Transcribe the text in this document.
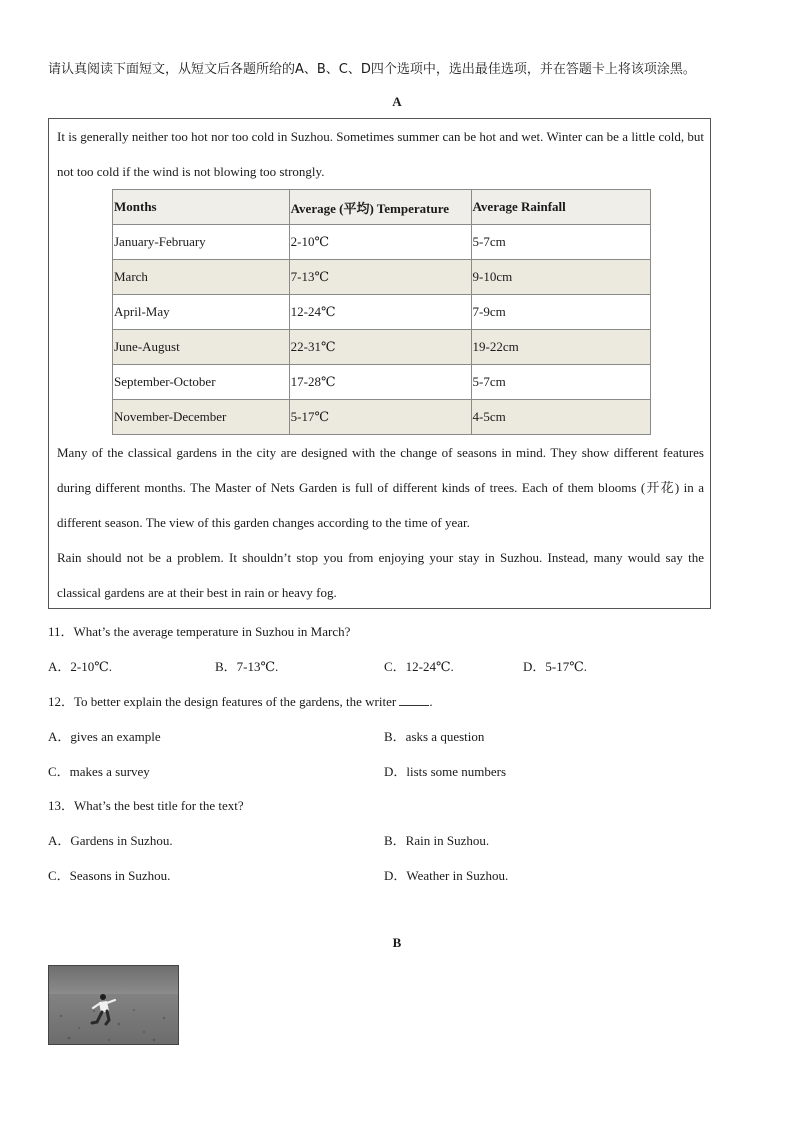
请认真阅读下面短文，从短文后各题所给的A、B、C、D四个选项中，选出最佳选项，并在答题卡上将该项涂黑。
A

It is generally neither too hot nor too cold in Suzhou. Sometimes summer can be hot and wet. Winter can be a little cold, but not too cold if the wind is not blowing too strongly.

Months	Average (平均) Temperature	Average Rainfall
January-February	2-10℃	5-7cm
March	7-13℃	9-10cm
April-May	12-24℃	7-9cm
June-August	22-31℃	19-22cm
September-October	17-28℃	5-7cm
November-December	5-17℃	4-5cm

Many of the classical gardens in the city are designed with the change of seasons in mind. They show different features during different months. The Master of Nets Garden is full of different kinds of trees. Each of them blooms (开花) in a different season. The view of this garden changes according to the time of year.

Rain should not be a problem. It shouldn’t stop you from enjoying your stay in Suzhou. Instead, many would say the classical gardens are at their best in rain or heavy fog.

11．What’s the average temperature in Suzhou in March?
A．2-10℃.	B．7-13℃.	C．12-24℃.	D．5-17℃.
12．To better explain the design features of the gardens, the writer	.
A．gives an example	B．asks a question
C．makes a survey	D．lists some numbers
13．What’s the best title for the text?
A．Gardens in Suzhou.	B．Rain in Suzhou.
C．Seasons in Suzhou.	D．Weather in Suzhou.
B
